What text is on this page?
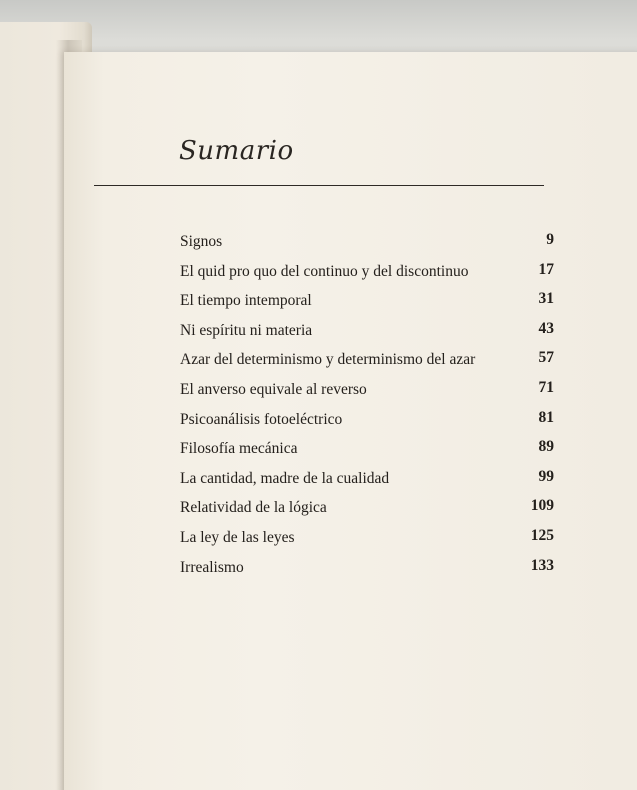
Sumario
Signos	9
El quid pro quo del continuo y del discontinuo	17
El tiempo intemporal	31
Ni espíritu ni materia	43
Azar del determinismo y determinismo del azar	57
El anverso equivale al reverso	71
Psicoanálisis fotoeléctrico	81
Filosofía mecánica	89
La cantidad, madre de la cualidad	99
Relatividad de la lógica	109
La ley de las leyes	125
Irrealismo	133
